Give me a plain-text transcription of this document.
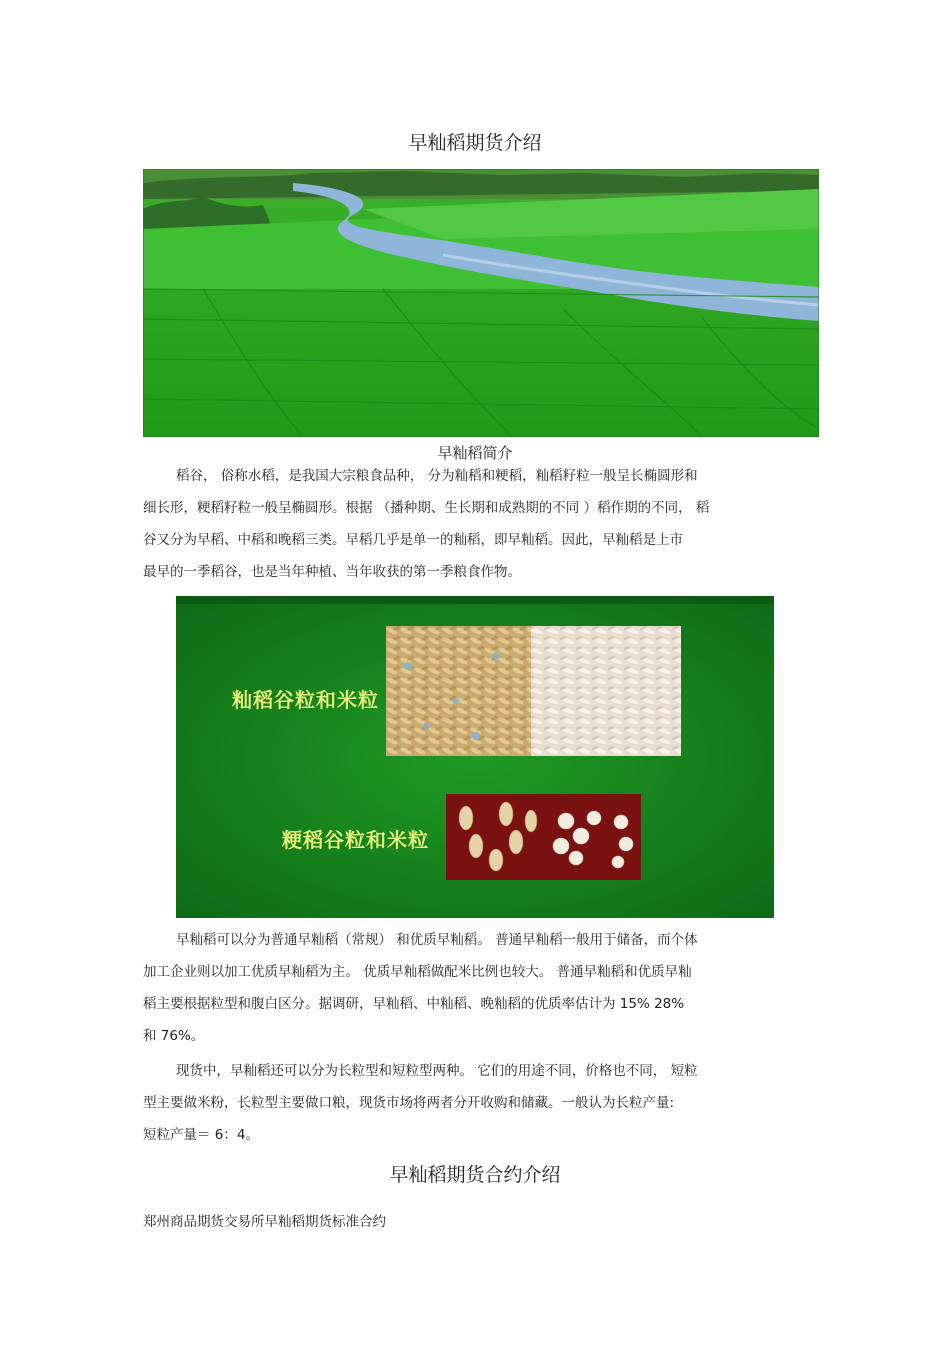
早籼稻期货介绍
早籼稻简介
稻谷， 俗称水稻，是我国大宗粮食品种， 分为籼稻和粳稻，籼稻籽粒一般呈长椭圆形和
细长形，粳稻籽粒一般呈椭圆形。根据 （播种期、生长期和成熟期的不同 ）稻作期的不同， 稻
谷又分为早稻、中稻和晚稻三类。早稻几乎是单一的籼稻，即早籼稻。因此，早籼稻是上市
最早的一季稻谷，也是当年种植、当年收获的第一季粮食作物。
籼稻谷粒和米粒
粳稻谷粒和米粒
早籼稻可以分为普通早籼稻（常规） 和优质早籼稻。 普通早籼稻一般用于储备，而个体
加工企业则以加工优质早籼稻为主。 优质早籼稻做配米比例也较大。 普通早籼稻和优质早籼
稻主要根据粒型和腹白区分。据调研，早籼稻、中籼稻、晚籼稻的优质率估计为 15% 28%
和 76%。
现货中，早籼稻还可以分为长粒型和短粒型两种。 它们的用途不同，价格也不同， 短粒
型主要做米粉，长粒型主要做口粮，现货市场将两者分开收购和储藏。一般认为长粒产量:
短粒产量＝ 6：4。
早籼稻期货合约介绍
郑州商品期货交易所早籼稻期货标准合约
